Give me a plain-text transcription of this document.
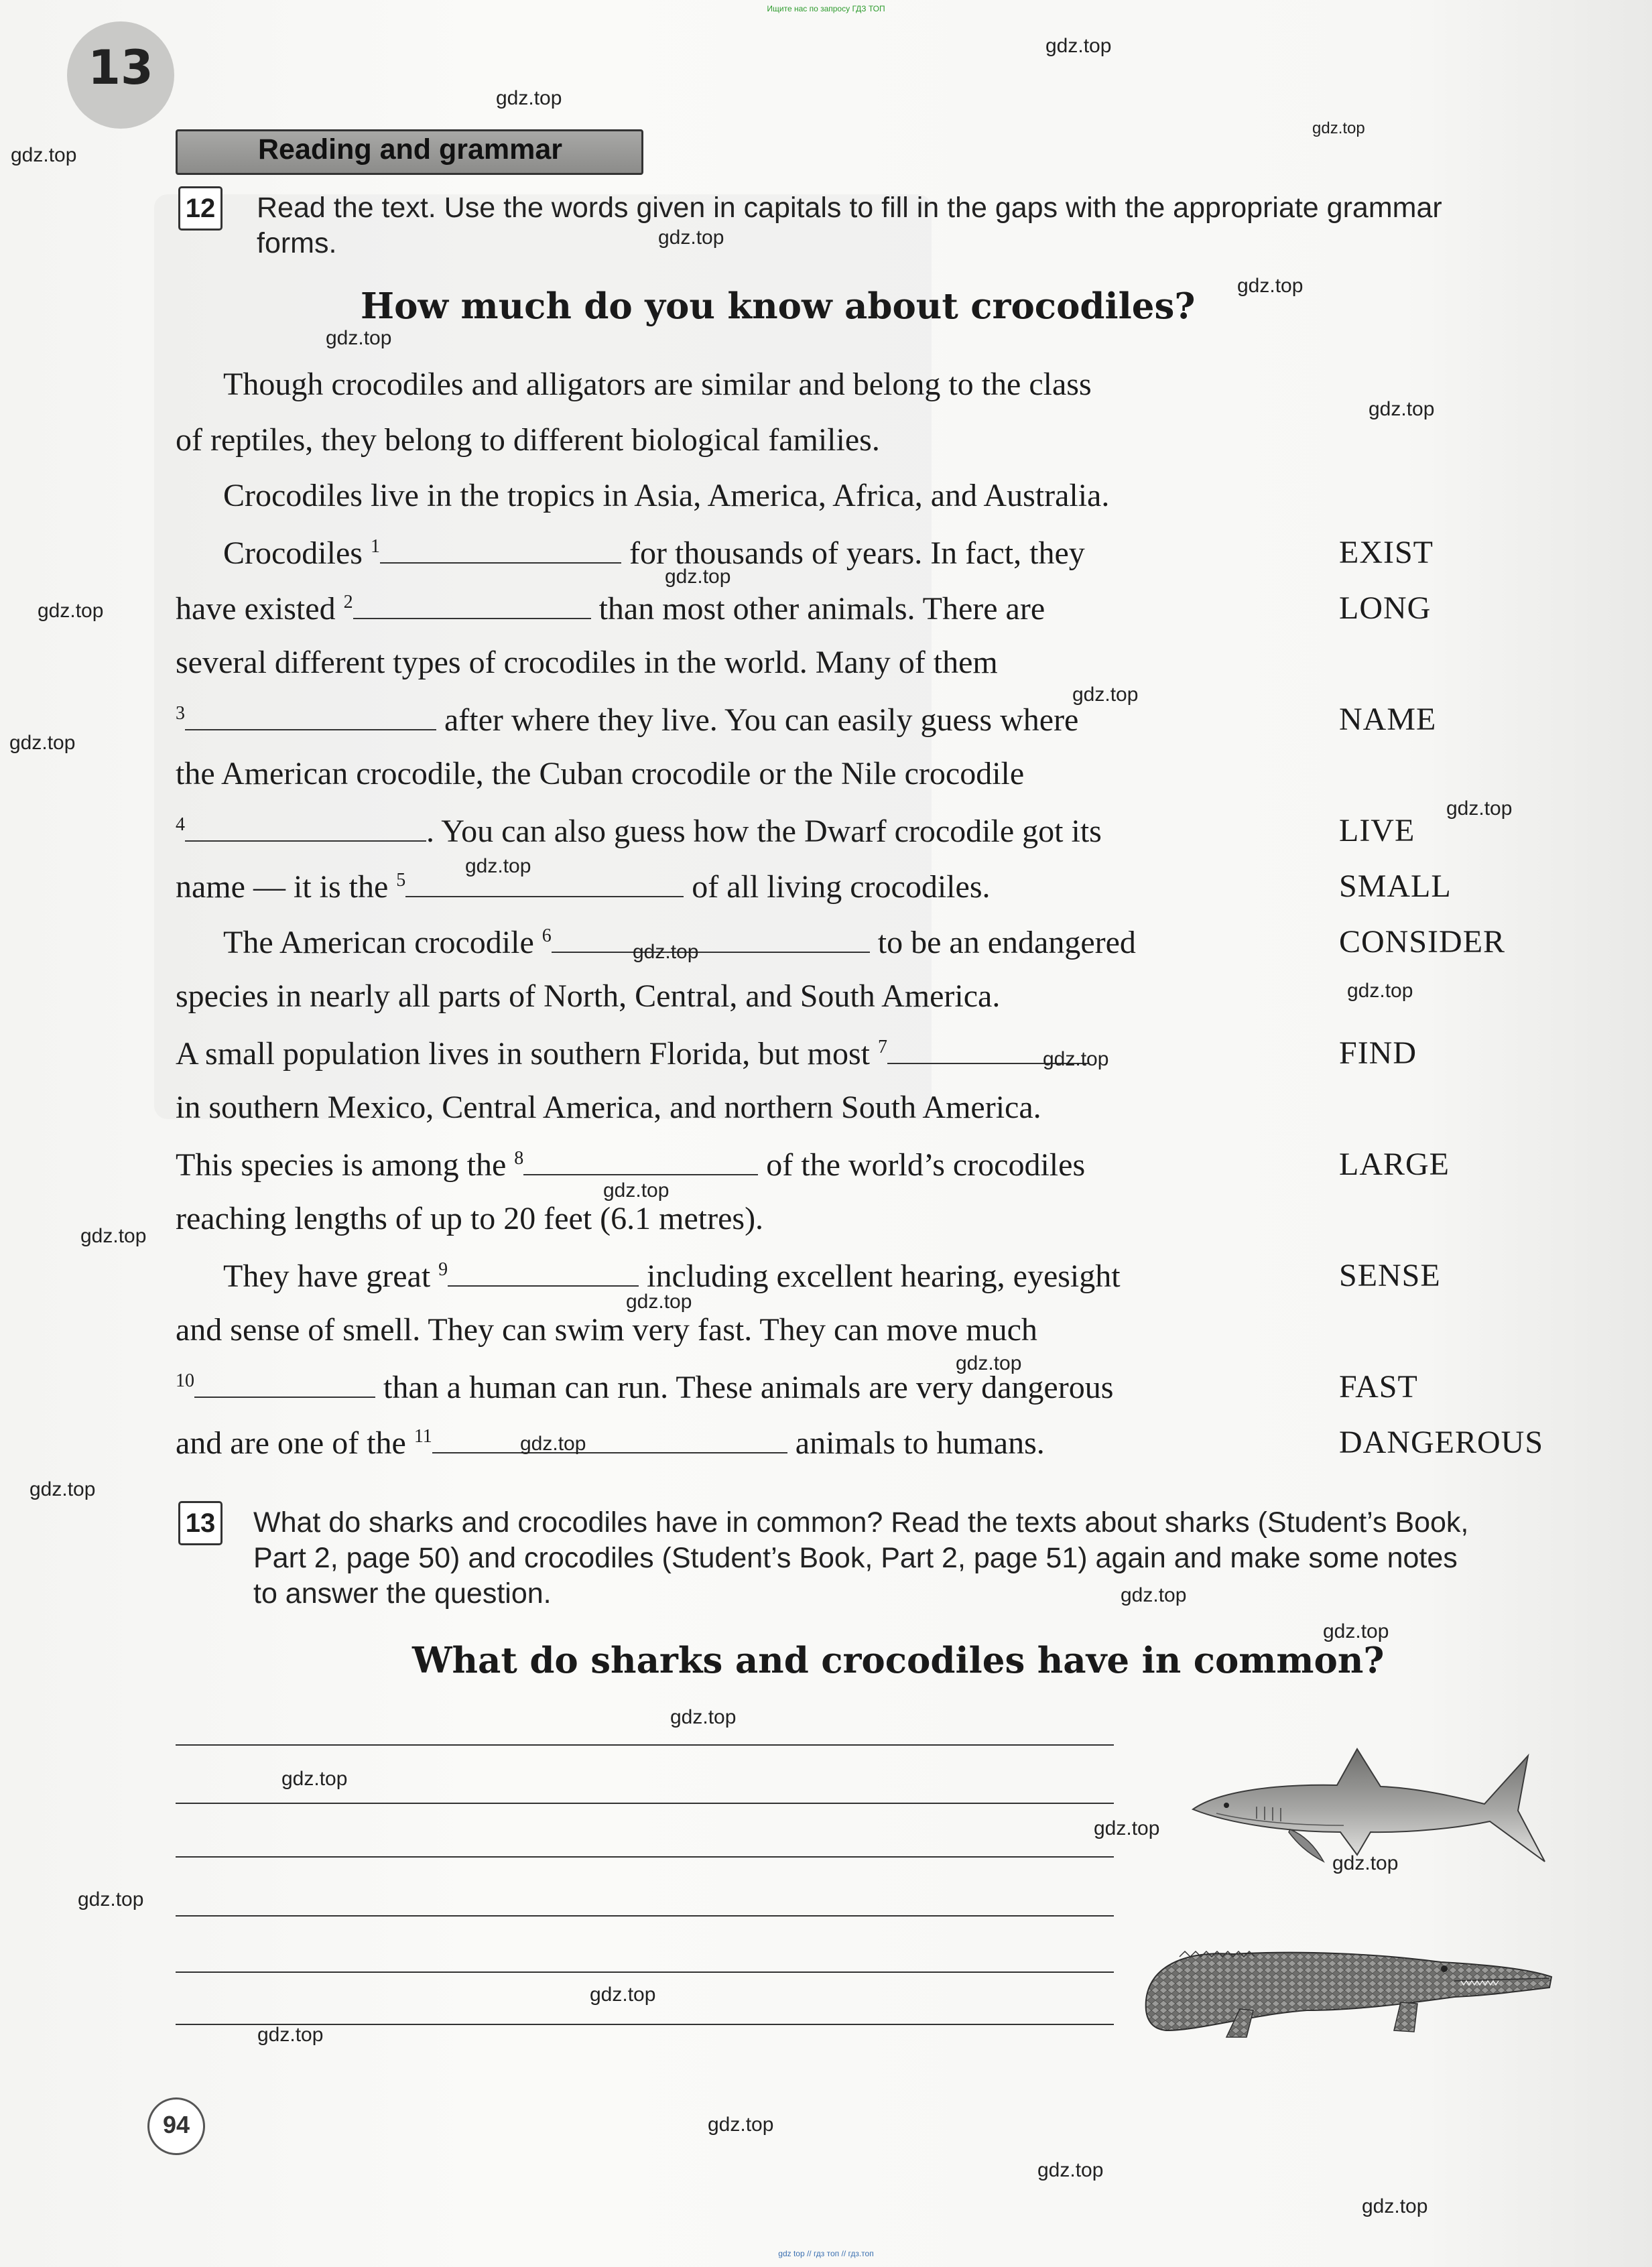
Ищите нас по запросу ГДЗ ТОП
13
Reading and grammar
12 Read the text. Use the words given in capitals to fill in the gaps with the appropriate grammar
forms.
How much do you know about crocodiles?
Though crocodiles and alligators are similar and belong to the class
of reptiles, they belong to different biological families.
Crocodiles live in the tropics in Asia, America, Africa, and Australia.
Crocodiles $^1$	for thousands of years. In fact, they
have existed $^2$	than most other animals. There are
several different types of crocodiles in the world. Many of them
$^3$	after where they live. You can easily guess where
the American crocodile, the Cuban crocodile or the Nile crocodile
$^4$	. You can also guess how the Dwarf crocodile got its
name — it is the $^5$	of all living crocodiles.
The American crocodile $^6$	to be an endangered
species in nearly all parts of North, Central, and South America.
A small population lives in southern Florida, but most $^7$
in southern Mexico, Central America, and northern South America.
This species is among the $^8$	of the world’s crocodiles
reaching lengths of up to 20 feet (6.1 metres).
They have great $^9$	including excellent hearing, eyesight
and sense of smell. They can swim very fast. They can move much
$^{10}$	than a human can run. These animals are very dangerous
and are one of the $^{11}$	animals to humans.
EXIST
LONG
NAME
LIVE
SMALL
CONSIDER
FIND
LARGE
SENSE
FAST
DANGEROUS
13 What do sharks and crocodiles have in common? Read the texts about sharks (Student’s Book,
Part 2, page 50) and crocodiles (Student’s Book, Part 2, page 51) again and make some notes
to answer the question.
What do sharks and crocodiles have in common?
gdz.top
gdz.top
gdz.top
gdz.top
gdz.top
gdz.top
gdz.top
gdz.top
gdz.top
gdz.top
gdz.top
gdz.top
gdz.top
gdz.top
gdz.top
gdz.top
gdz.top
gdz.top
gdz.top
gdz.top
gdz.top
gdz.top
gdz.top
gdz.top
gdz.top
gdz.top
gdz.top
gdz.top
gdz.top
gdz.top
gdz.top
gdz.top
gdz.top
gdz.top
gdz.top
94
gdz top // гдз топ // гдз.топ
